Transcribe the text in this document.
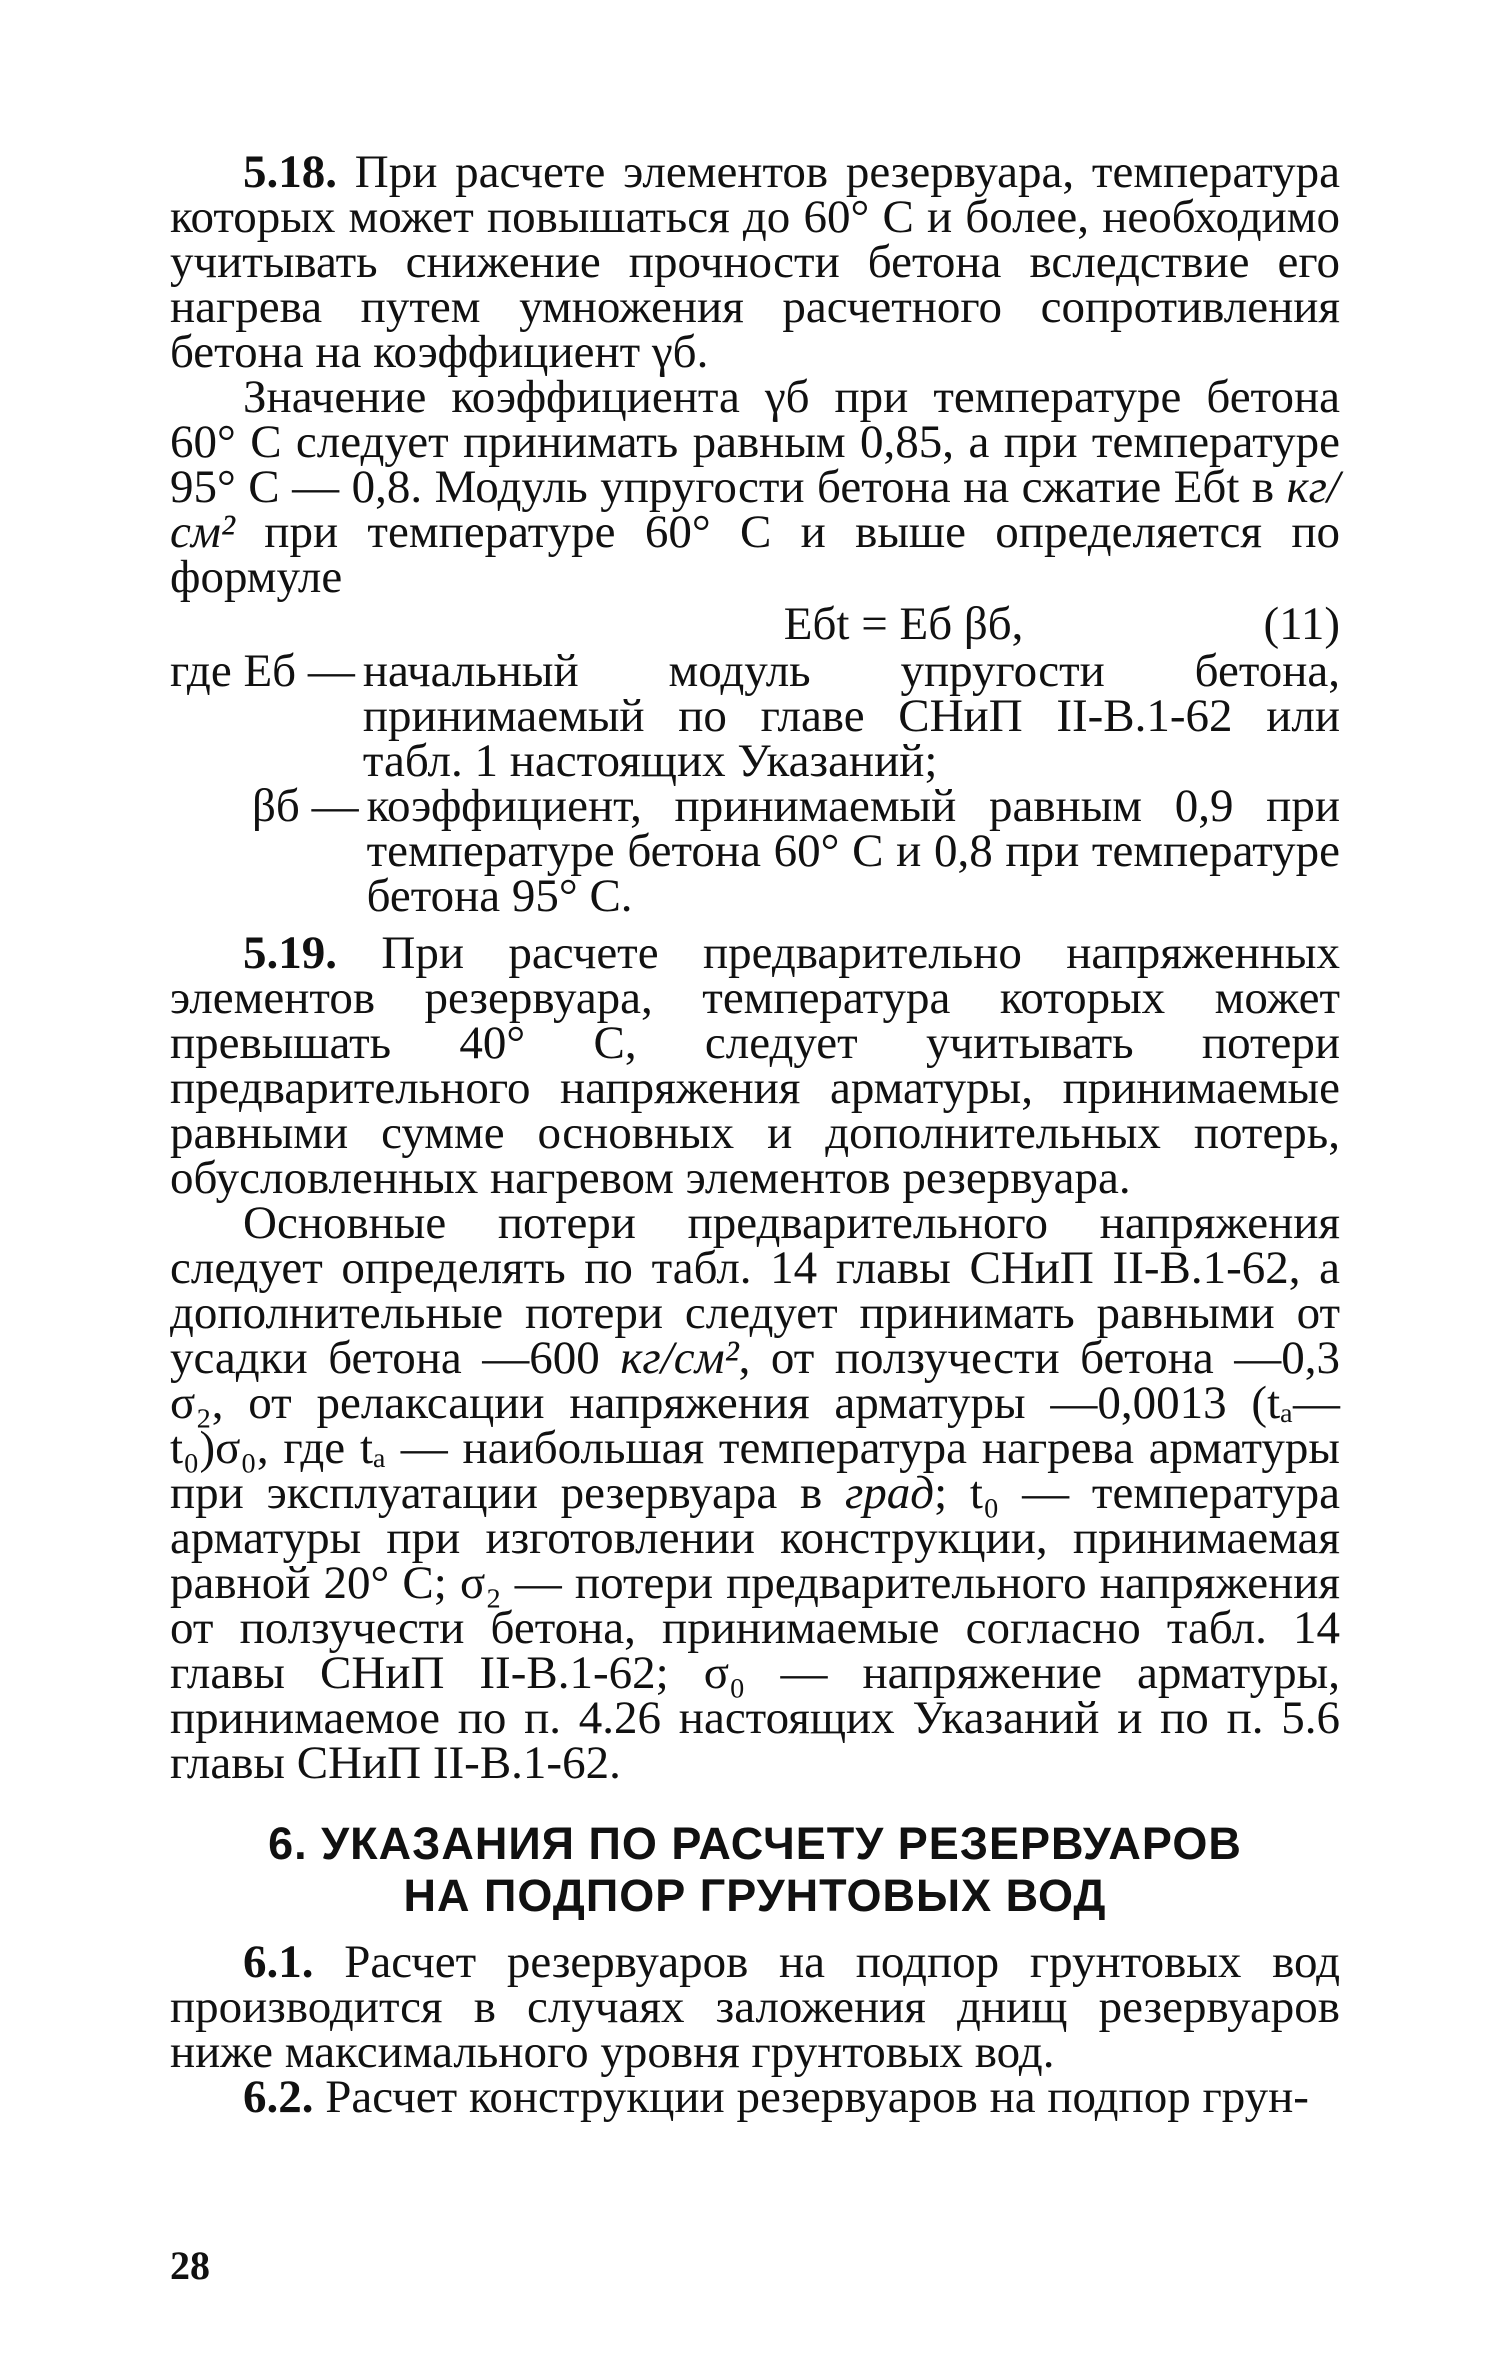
5.18. При расчете элементов резервуара, температура которых может повышаться до 60° С и более, необходимо учитывать снижение прочности бетона вследствие его нагрева путем умножения расчетного сопротивления бетона на коэффициент γб.

Значение коэффициента γб при температуре бетона 60° С следует принимать равным 0,85, а при температуре 95° С — 0,8. Модуль упругости бетона на сжатие Eбt в кг/см² при температуре 60° С и выше определяется по формуле

Eбt = Eб βб,	(11)
где Eб — начальный модуль упругости бетона, принимаемый по главе СНиП II-B.1-62 или табл. 1 настоящих Указаний;
βб — коэффициент, принимаемый равным 0,9 при температуре бетона 60° С и 0,8 при температуре бетона 95° С.

5.19. При расчете предварительно напряженных элементов резервуара, температура которых может превышать 40° С, следует учитывать потери предварительного напряжения арматуры, принимаемые равными сумме основных и дополнительных потерь, обусловленных нагревом элементов резервуара.

Основные потери предварительного напряжения следует определять по табл. 14 главы СНиП II-B.1-62, а дополнительные потери следует принимать равными от усадки бетона —600 кг/см², от ползучести бетона —0,3 σ₂, от релаксации напряжения арматуры —0,0013 (tₐ—t₀)σ₀, где tₐ — наибольшая температура нагрева арматуры при эксплуатации резервуара в град; t₀ — температура арматуры при изготовлении конструкции, принимаемая равной 20° С; σ₂ — потери предварительного напряжения от ползучести бетона, принимаемые согласно табл. 14 главы СНиП II-B.1-62; σ₀ — напряжение арматуры, принимаемое по п. 4.26 настоящих Указаний и по п. 5.6 главы СНиП II-B.1-62.

6. УКАЗАНИЯ ПО РАСЧЕТУ РЕЗЕРВУАРОВ
НА ПОДПОР ГРУНТОВЫХ ВОД

6.1. Расчет резервуаров на подпор грунтовых вод производится в случаях заложения днищ резервуаров ниже максимального уровня грунтовых вод.

6.2. Расчет конструкции резервуаров на подпор грун-

28
